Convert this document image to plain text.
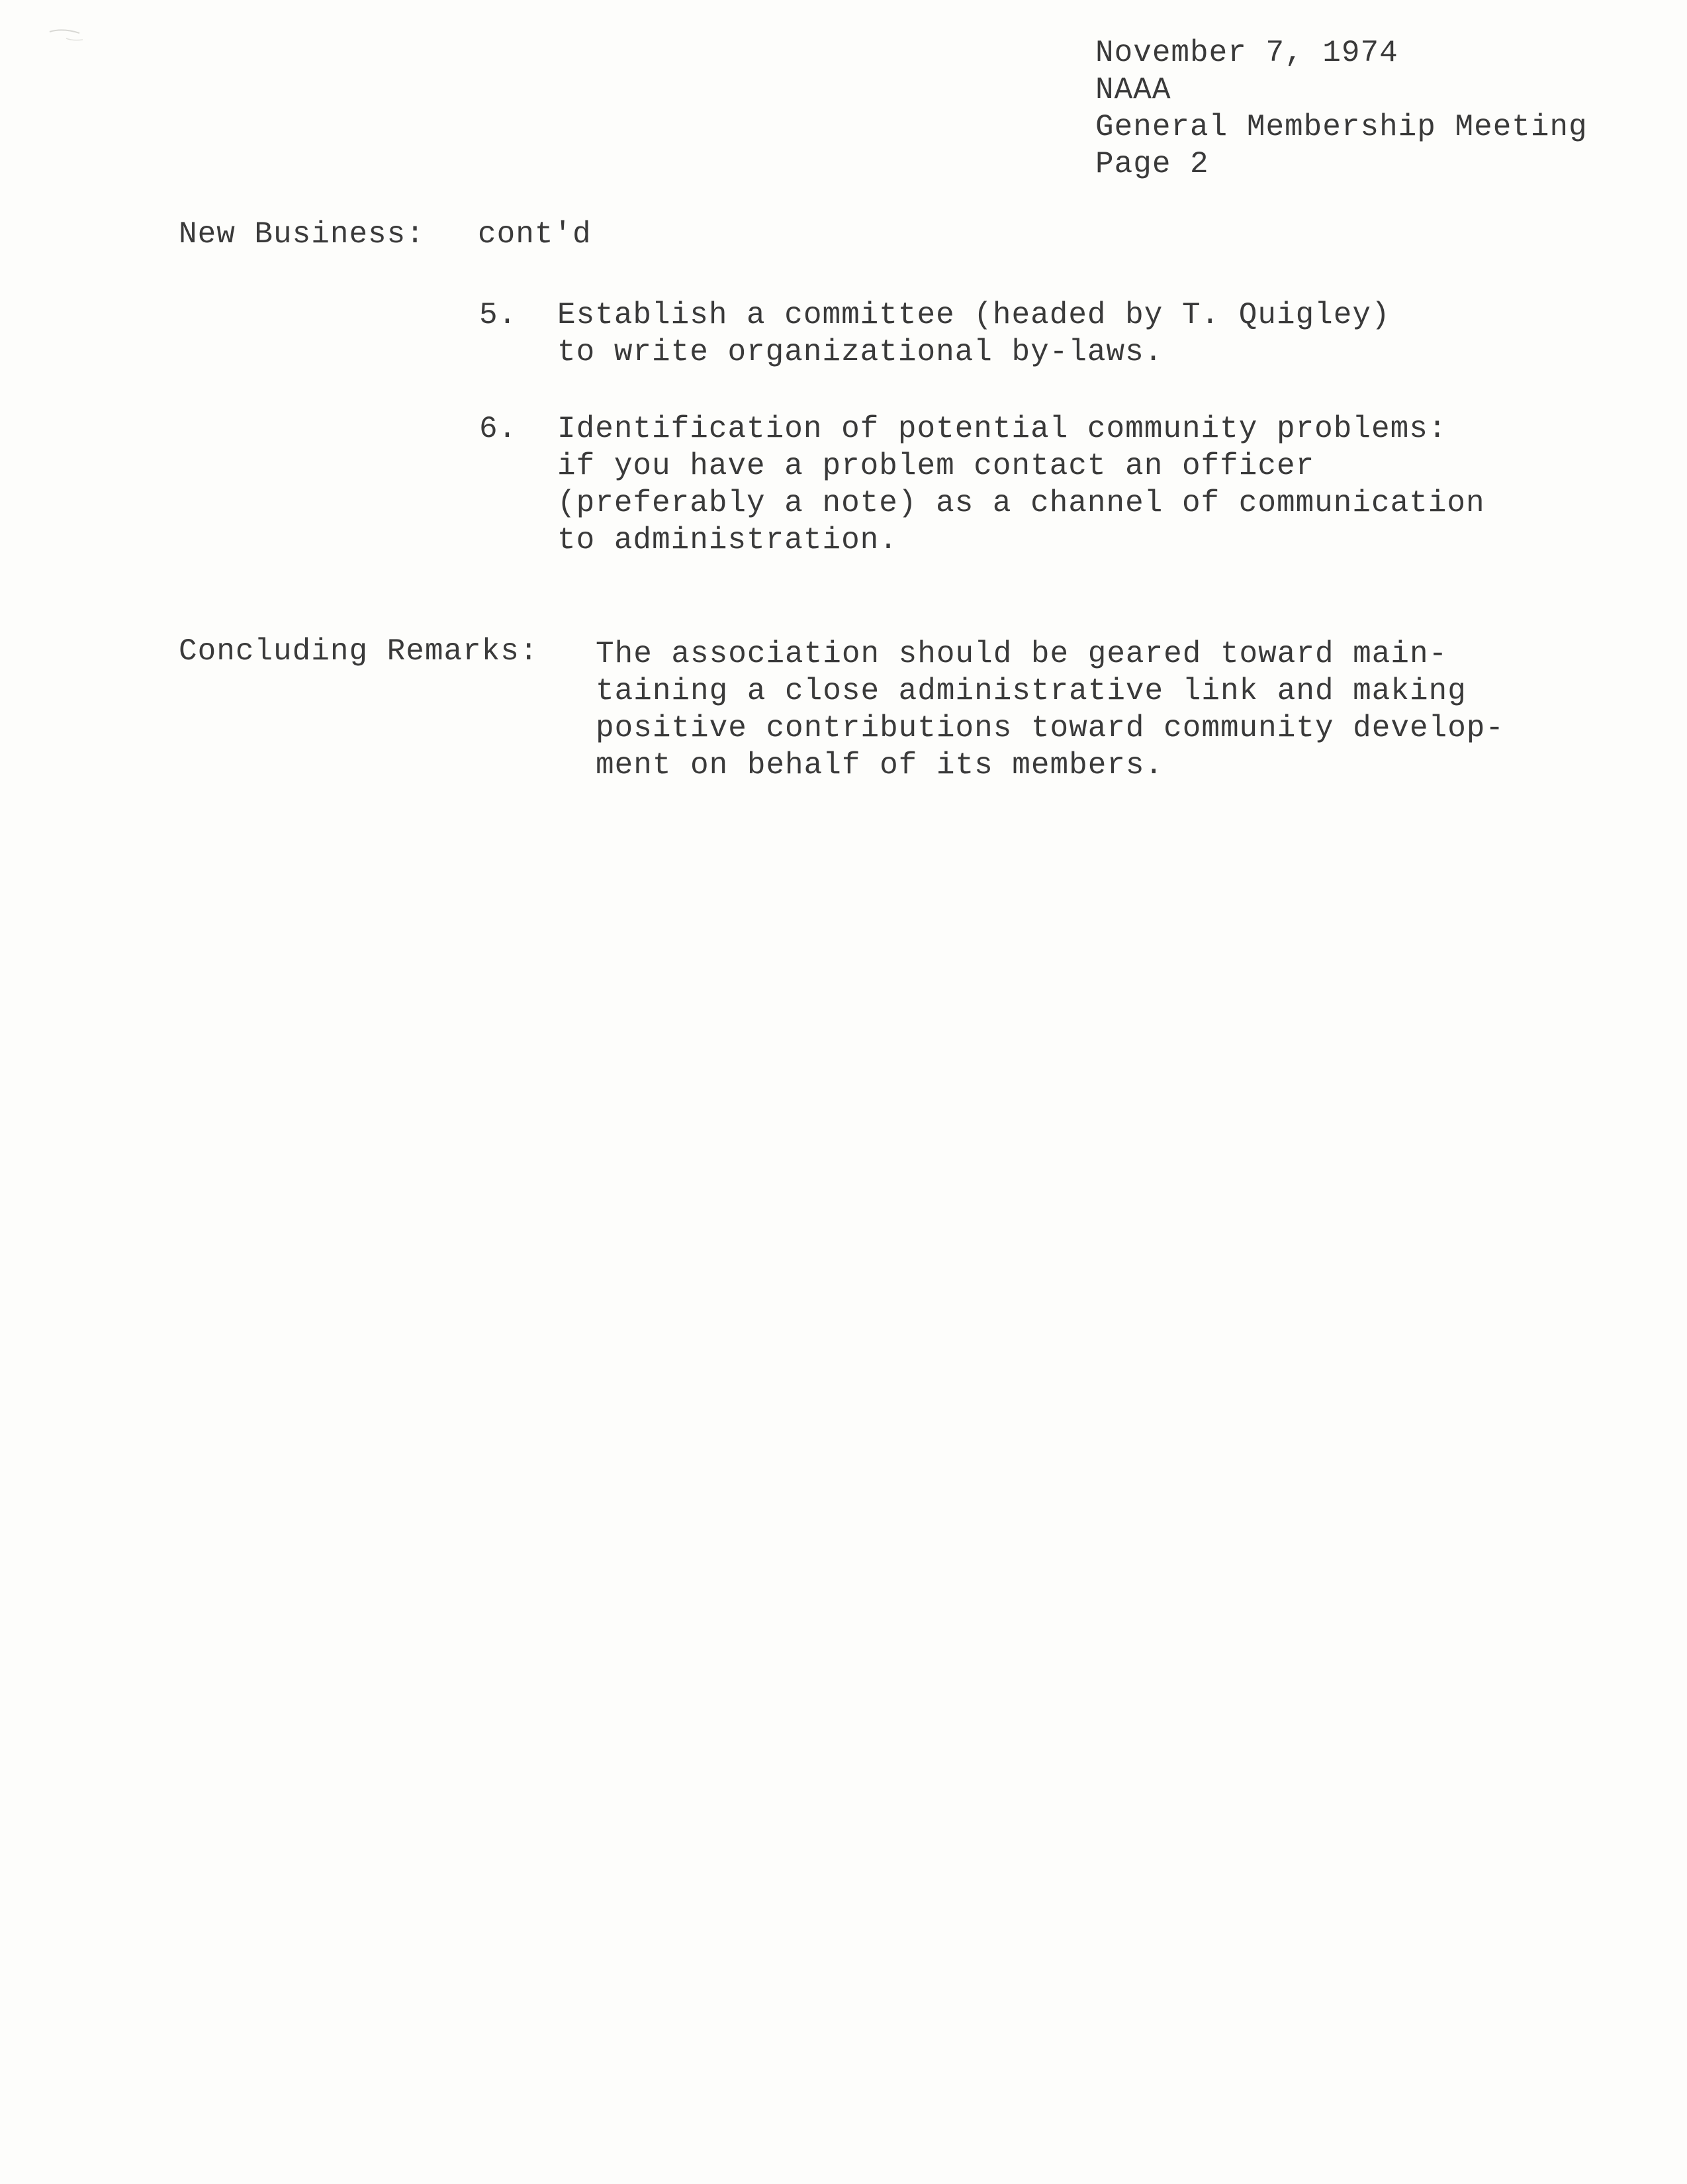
November 7, 1974
NAAA
General Membership Meeting
Page 2
New Business: cont'd
5. Establish a committee (headed by T. Quigley)
to write organizational by-laws.
6. Identification of potential community problems:
if you have a problem contact an officer
(preferably a note) as a channel of communication
to administration.
Concluding Remarks: The association should be geared toward main-
taining a close administrative link and making
positive contributions toward community develop-
ment on behalf of its members.
